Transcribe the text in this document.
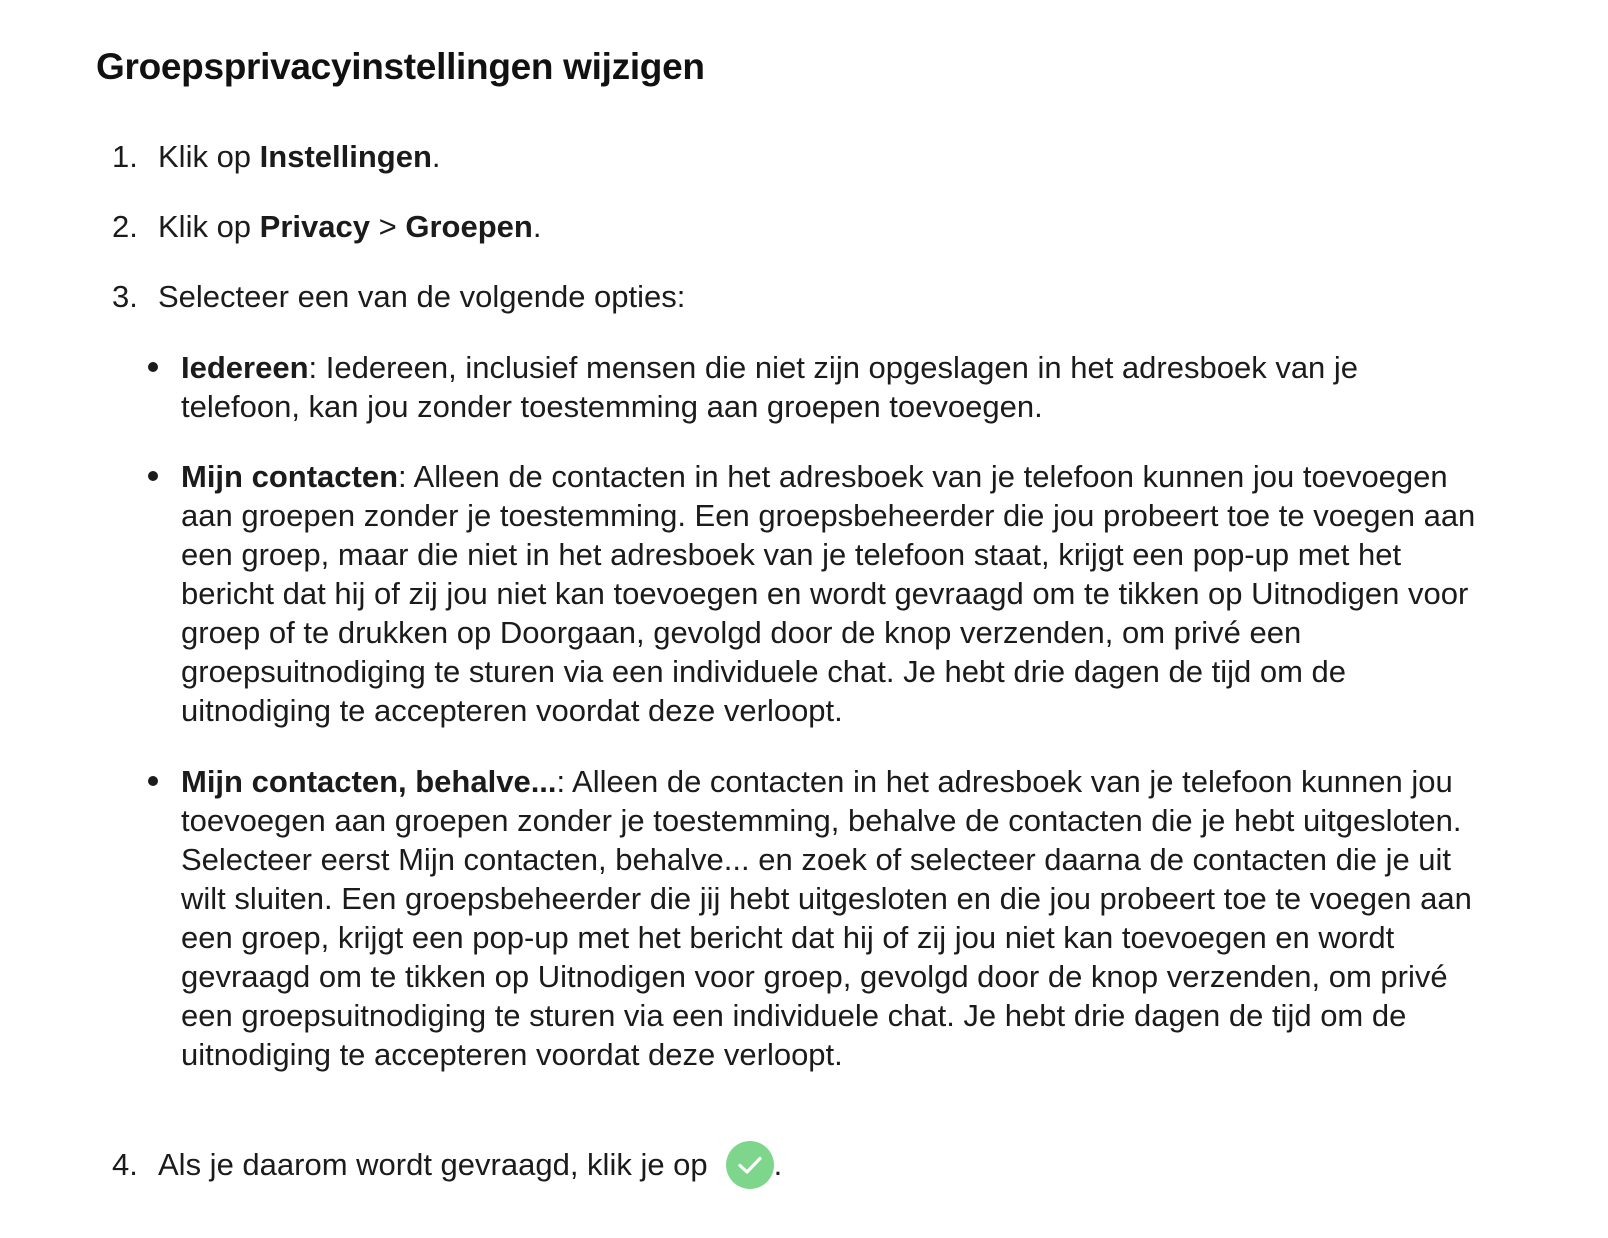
Groepsprivacyinstellingen wijzigen
1. Klik op Instellingen.
2. Klik op Privacy > Groepen.
3. Selecteer een van de volgende opties:
Iedereen: Iedereen, inclusief mensen die niet zijn opgeslagen in het adresboek van je telefoon, kan jou zonder toestemming aan groepen toevoegen.
Mijn contacten: Alleen de contacten in het adresboek van je telefoon kunnen jou toevoegen aan groepen zonder je toestemming. Een groepsbeheerder die jou probeert toe te voegen aan een groep, maar die niet in het adresboek van je telefoon staat, krijgt een pop-up met het bericht dat hij of zij jou niet kan toevoegen en wordt gevraagd om te tikken op Uitnodigen voor groep of te drukken op Doorgaan, gevolgd door de knop verzenden, om privé een groepsuitnodiging te sturen via een individuele chat. Je hebt drie dagen de tijd om de uitnodiging te accepteren voordat deze verloopt.
Mijn contacten, behalve...: Alleen de contacten in het adresboek van je telefoon kunnen jou toevoegen aan groepen zonder je toestemming, behalve de contacten die je hebt uitgesloten. Selecteer eerst Mijn contacten, behalve... en zoek of selecteer daarna de contacten die je uit wilt sluiten. Een groepsbeheerder die jij hebt uitgesloten en die jou probeert toe te voegen aan een groep, krijgt een pop-up met het bericht dat hij of zij jou niet kan toevoegen en wordt gevraagd om te tikken op Uitnodigen voor groep, gevolgd door de knop verzenden, om privé een groepsuitnodiging te sturen via een individuele chat. Je hebt drie dagen de tijd om de uitnodiging te accepteren voordat deze verloopt.
4. Als je daarom wordt gevraagd, klik je op .
